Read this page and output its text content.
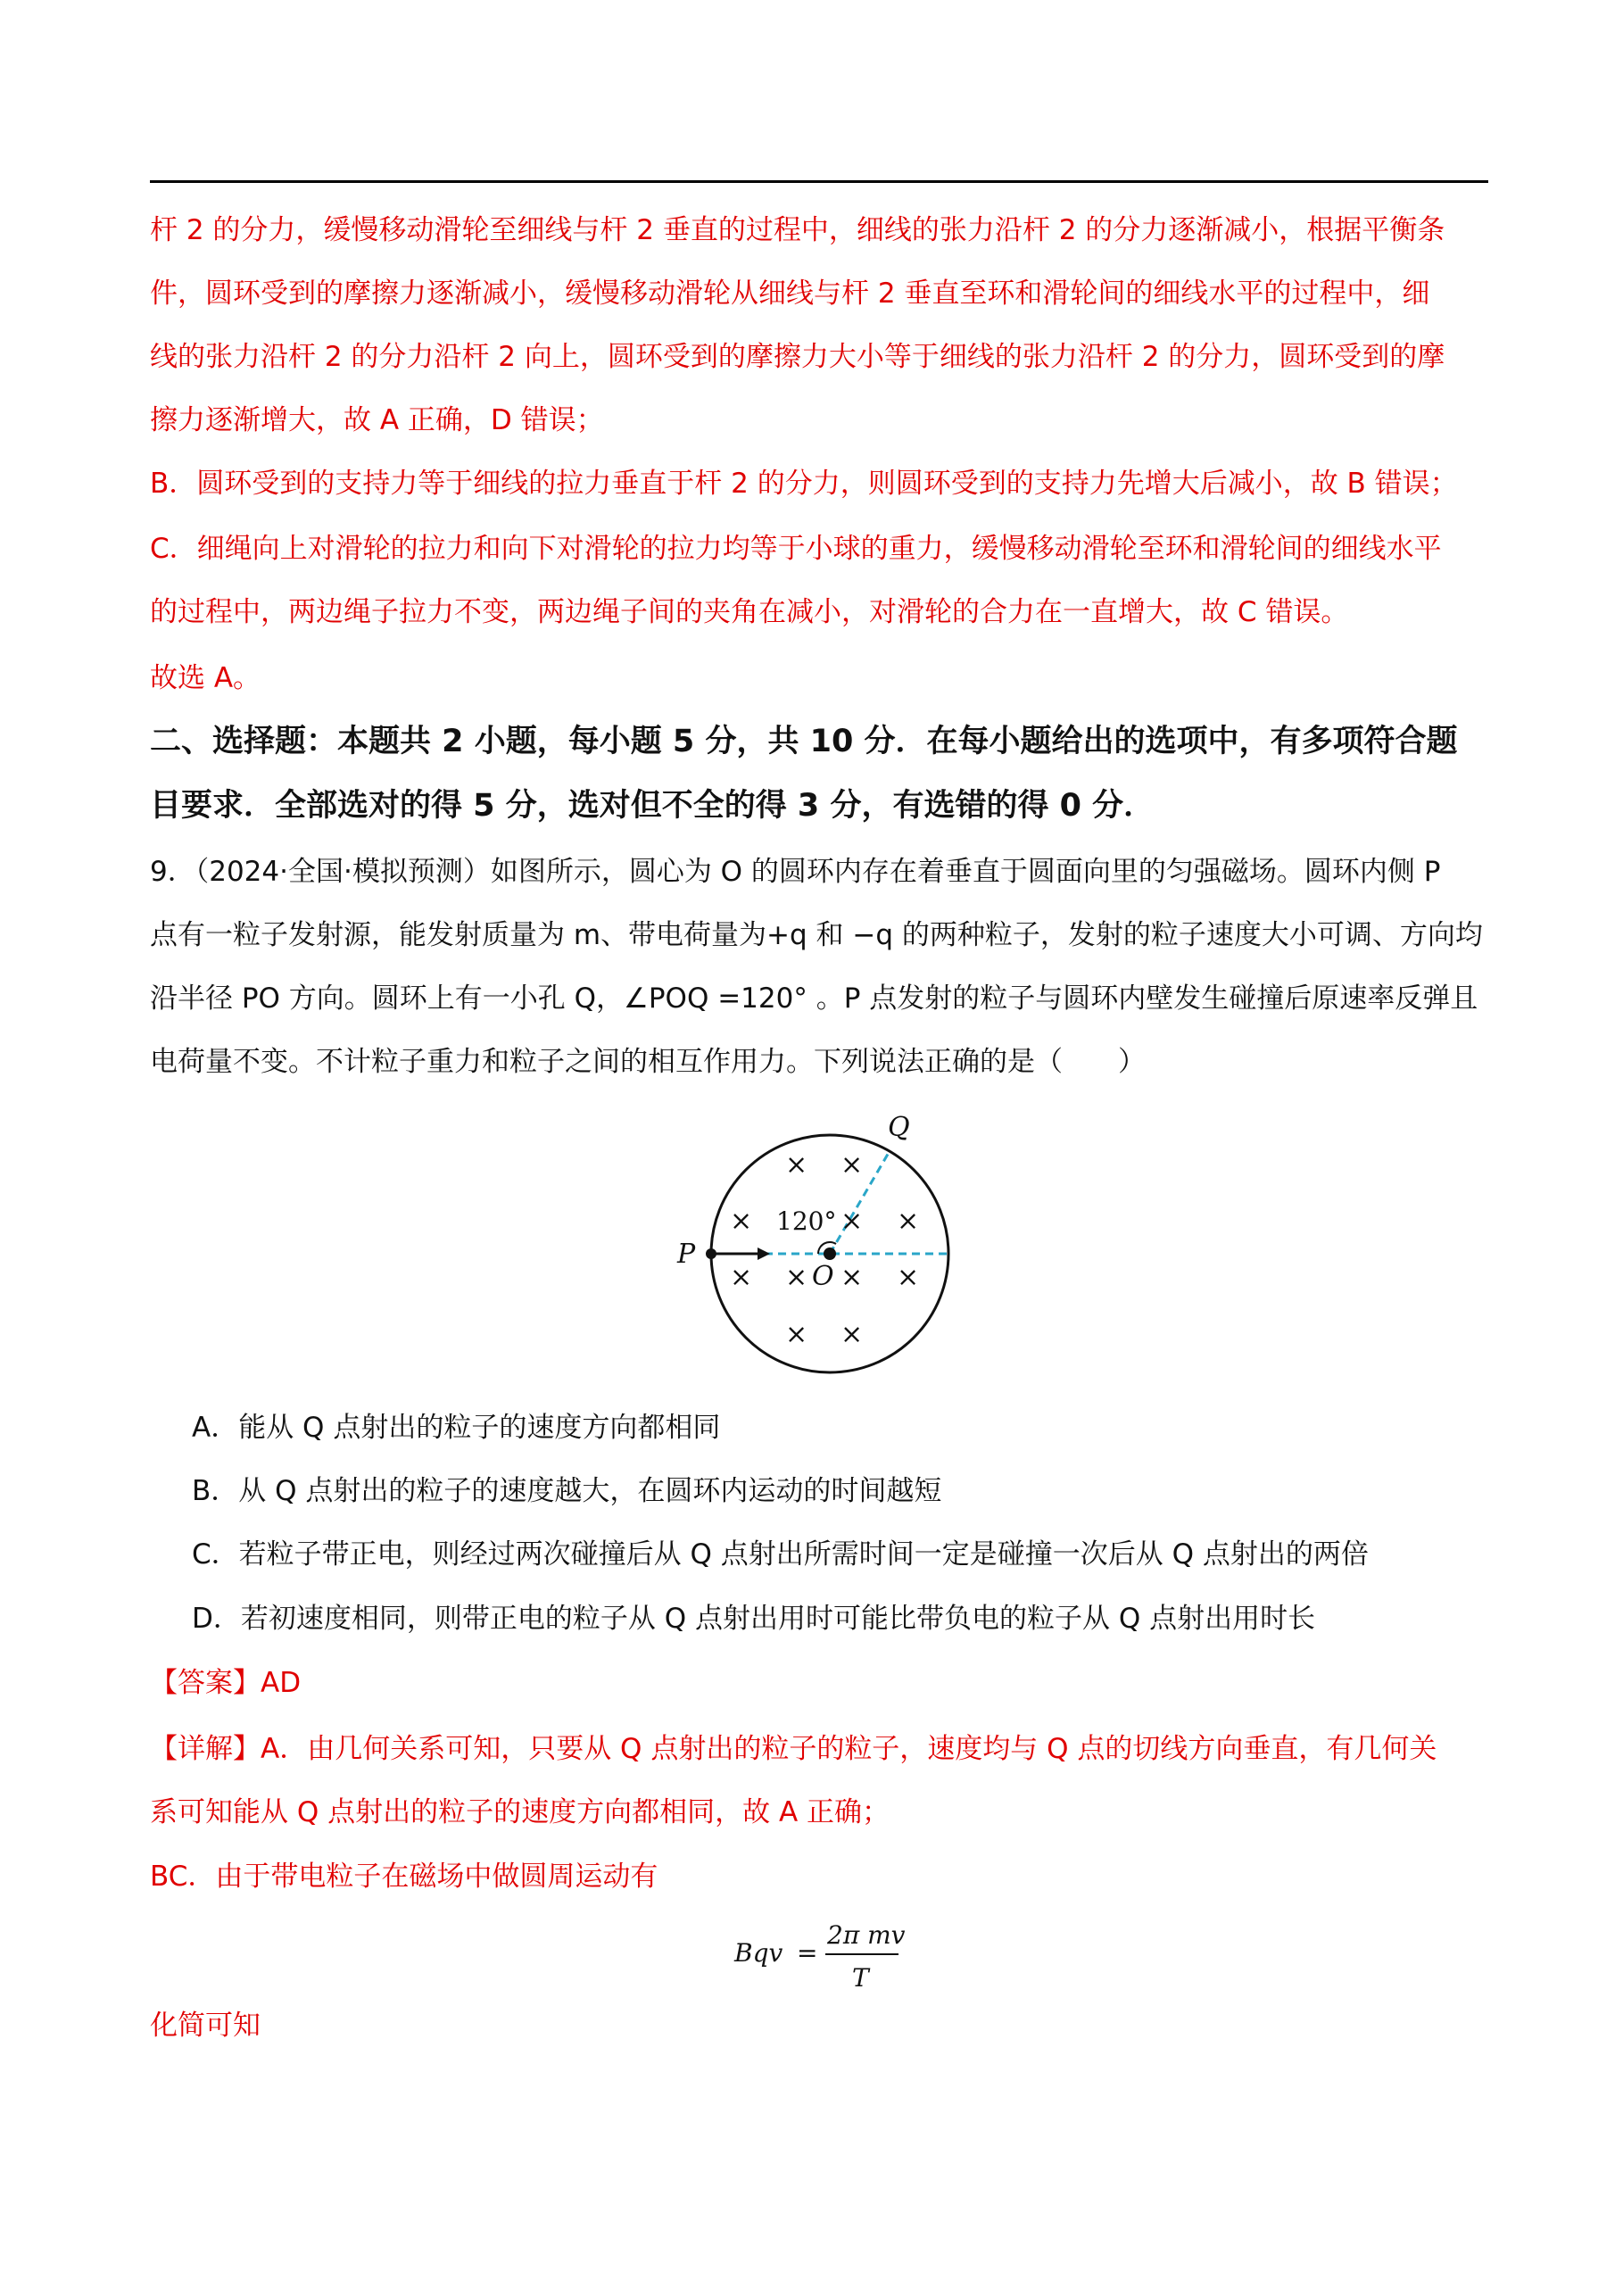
杆 2 的分力，缓慢移动滑轮至细线与杆 2 垂直的过程中，细线的张力沿杆 2 的分力逐渐减小，根据平衡条
件，圆环受到的摩擦力逐渐减小，缓慢移动滑轮从细线与杆 2 垂直至环和滑轮间的细线水平的过程中，细
线的张力沿杆 2 的分力沿杆 2 向上，圆环受到的摩擦力大小等于细线的张力沿杆 2 的分力，圆环受到的摩
擦力逐渐增大，故 A 正确，D 错误；
B．圆环受到的支持力等于细线的拉力垂直于杆 2 的分力，则圆环受到的支持力先增大后减小，故 B 错误；
C．细绳向上对滑轮的拉力和向下对滑轮的拉力均等于小球的重力，缓慢移动滑轮至环和滑轮间的细线水平
的过程中，两边绳子拉力不变，两边绳子间的夹角在减小，对滑轮的合力在一直增大，故 C 错误。
故选 A。
二、选择题：本题共 2 小题，每小题 5 分，共 10 分．在每小题给出的选项中，有多项符合题
目要求．全部选对的得 5 分，选对但不全的得 3 分，有选错的得 0 分．
9．（2024·全国·模拟预测）如图所示，圆心为 O 的圆环内存在着垂直于圆面向里的匀强磁场。圆环内侧 P
点有一粒子发射源，能发射质量为 m、带电荷量为+q 和 −q 的两种粒子，发射的粒子速度大小可调、方向均
沿半径 PO 方向。圆环上有一小孔 Q，∠POQ =120° 。P 点发射的粒子与圆环内壁发生碰撞后原速率反弹且
电荷量不变。不计粒子重力和粒子之间的相互作用力。下列说法正确的是（　　）
Q
P
O
120°
× ×
×	× ×
× × × ×
× ×
A．能从 Q 点射出的粒子的速度方向都相同
B．从 Q 点射出的粒子的速度越大，在圆环内运动的时间越短
C．若粒子带正电，则经过两次碰撞后从 Q 点射出所需时间一定是碰撞一次后从 Q 点射出的两倍
D．若初速度相同，则带正电的粒子从 Q 点射出用时可能比带负电的粒子从 Q 点射出用时长
【答案】AD
【详解】A．由几何关系可知，只要从 Q 点射出的粒子的粒子，速度均与 Q 点的切线方向垂直，有几何关
系可知能从 Q 点射出的粒子的速度方向都相同，故 A 正确；
BC．由于带电粒子在磁场中做圆周运动有
Bqv =
2π mv
T
化简可知
